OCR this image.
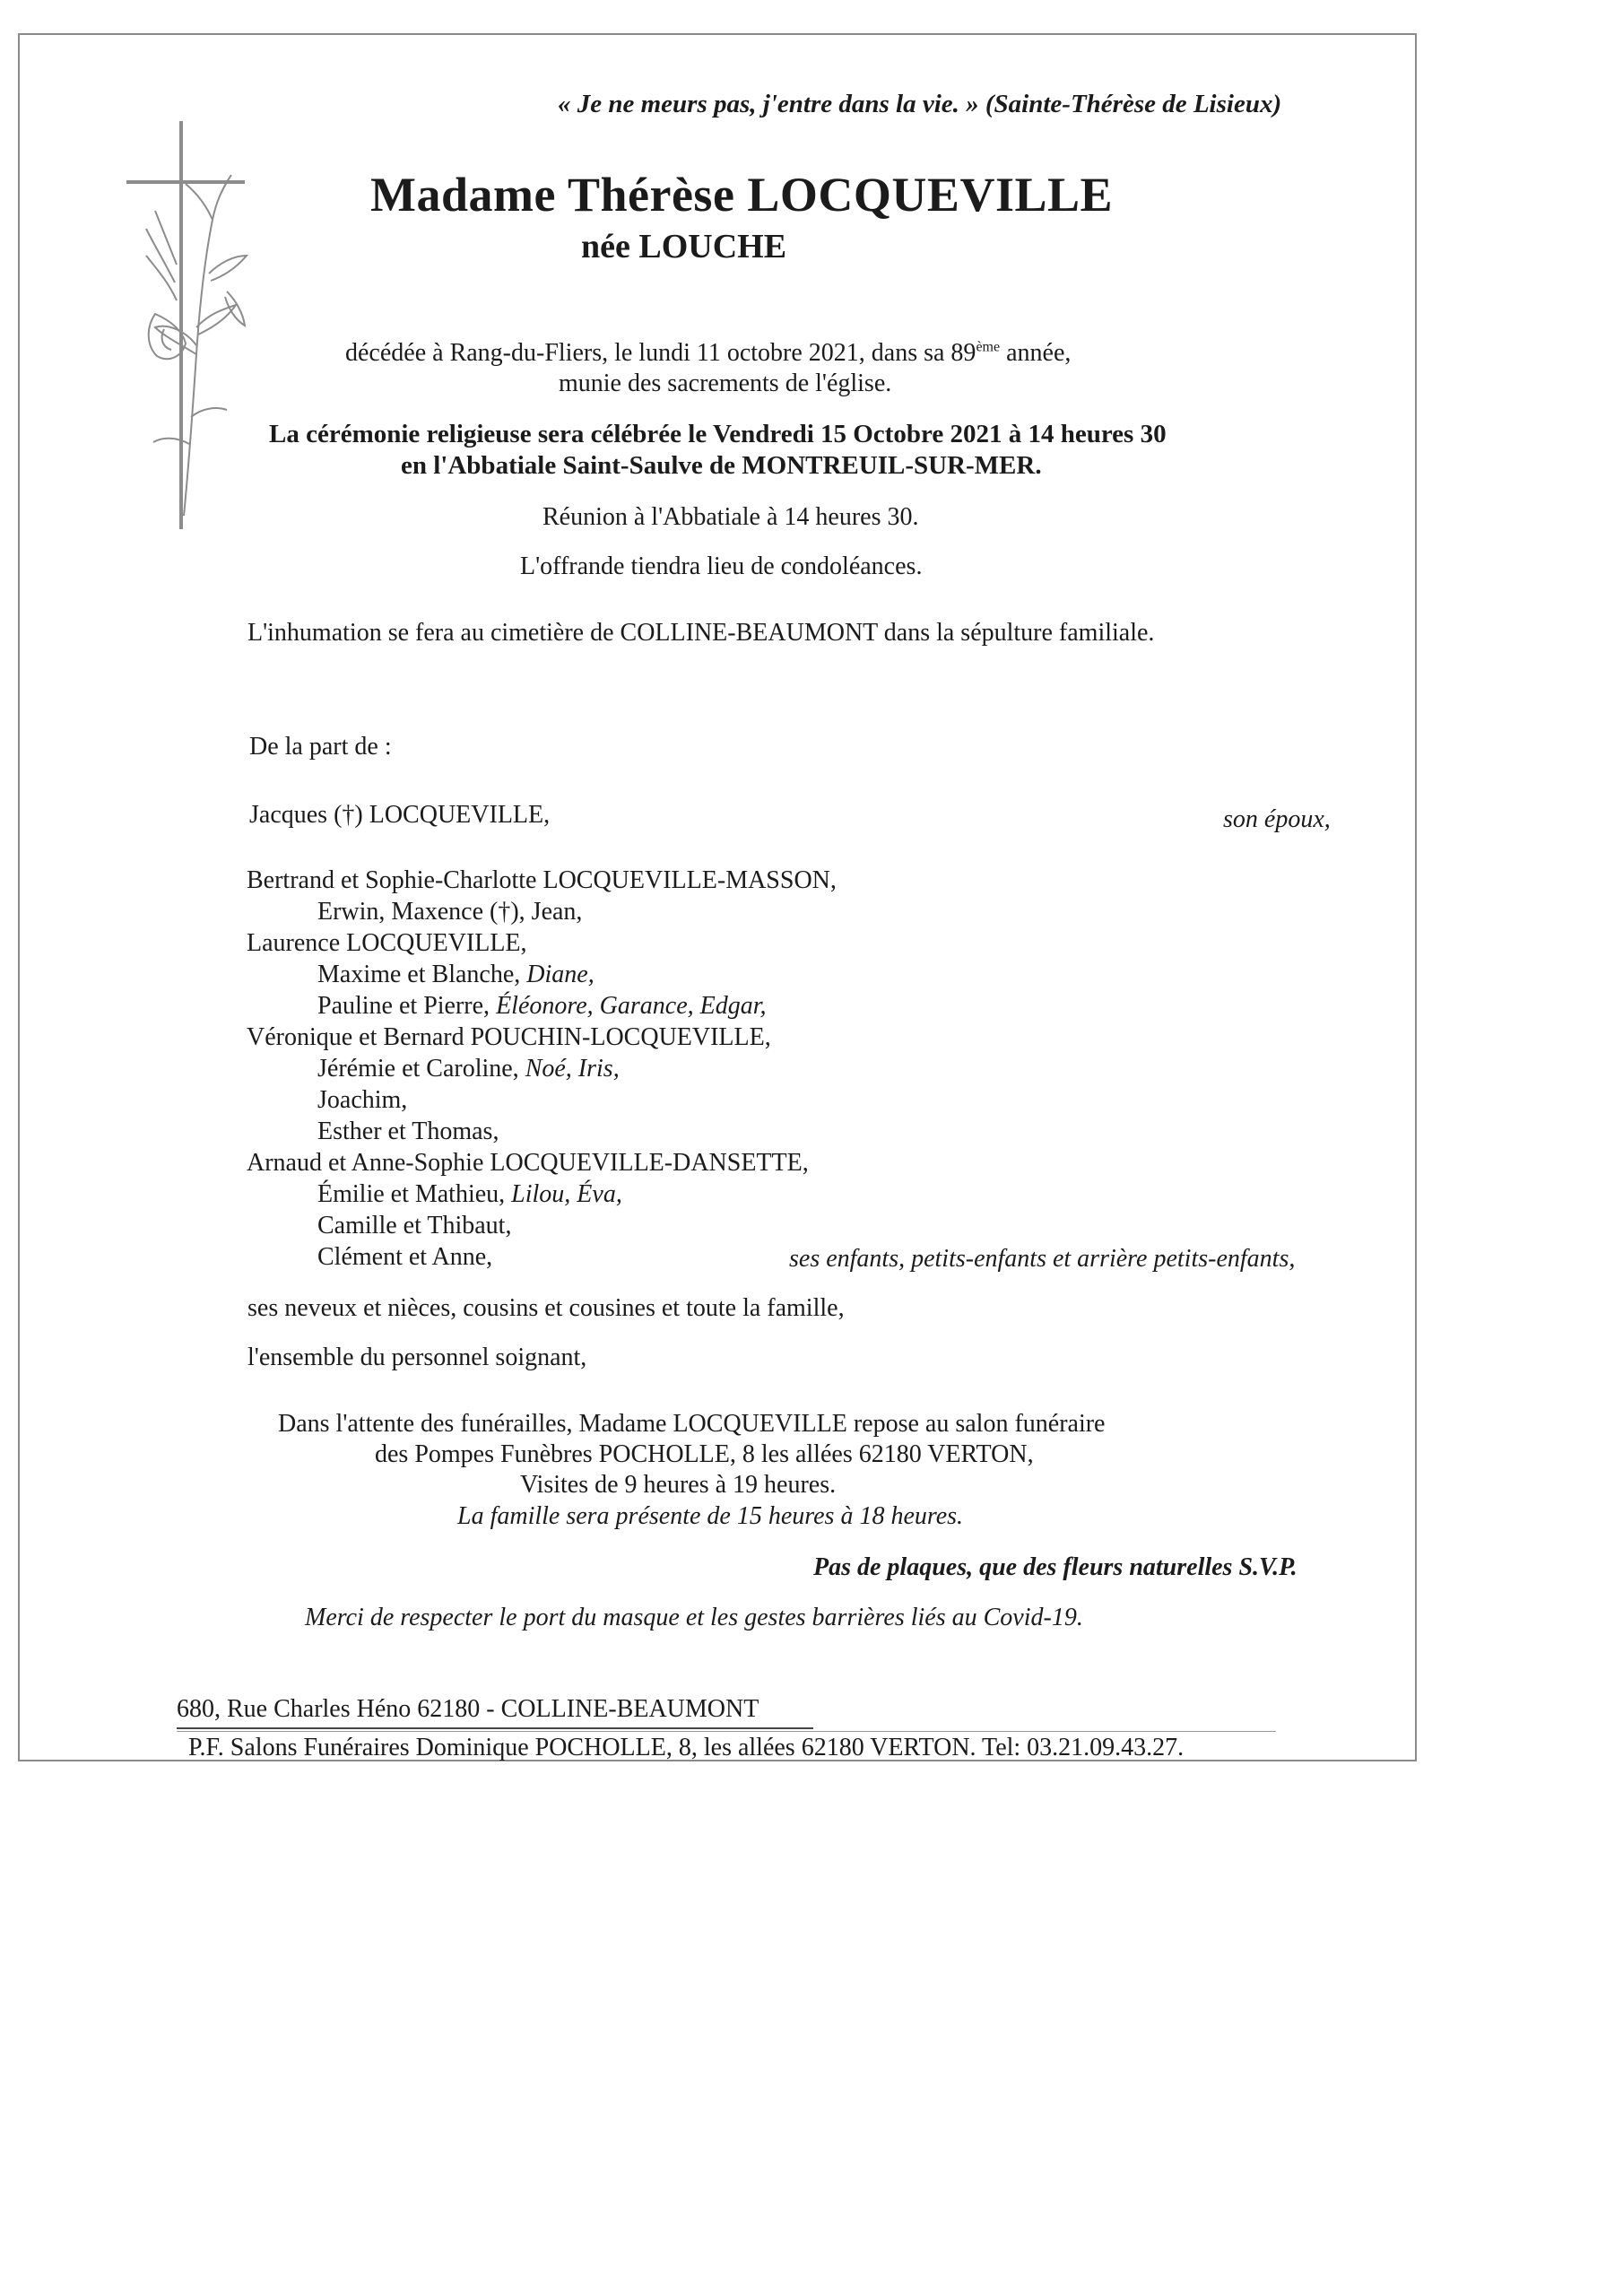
« Je ne meurs pas, j'entre dans la vie. » (Sainte-Thérèse de Lisieux)
Madame Thérèse LOCQUEVILLE
née LOUCHE
décédée à Rang-du-Fliers, le lundi 11 octobre 2021, dans sa 89ème année,
munie des sacrements de l'église.
La cérémonie religieuse sera célébrée le Vendredi 15 Octobre 2021 à 14 heures 30
en l'Abbatiale Saint-Saulve de MONTREUIL-SUR-MER.
Réunion à l'Abbatiale à 14 heures 30.
L'offrande tiendra lieu de condoléances.
L'inhumation se fera au cimetière de COLLINE-BEAUMONT dans la sépulture familiale.
De la part de :
Jacques (†) LOCQUEVILLE,	son époux,
Bertrand et Sophie-Charlotte LOCQUEVILLE-MASSON,
Erwin, Maxence (†), Jean,
Laurence LOCQUEVILLE,
Maxime et Blanche, Diane,
Pauline et Pierre, Éléonore, Garance, Edgar,
Véronique et Bernard POUCHIN-LOCQUEVILLE,
Jérémie et Caroline, Noé, Iris,
Joachim,
Esther et Thomas,
Arnaud et Anne-Sophie LOCQUEVILLE-DANSETTE,
Émilie et Mathieu, Lilou, Éva,
Camille et Thibaut,
Clément et Anne,	ses enfants, petits-enfants et arrière petits-enfants,
ses neveux et nièces, cousins et cousines et toute la famille,
l'ensemble du personnel soignant,
Dans l'attente des funérailles, Madame LOCQUEVILLE repose au salon funéraire
des Pompes Funèbres POCHOLLE, 8 les allées 62180 VERTON,
Visites de 9 heures à 19 heures.
La famille sera présente de 15 heures à 18 heures.
Pas de plaques, que des fleurs naturelles S.V.P.
Merci de respecter le port du masque et les gestes barrières liés au Covid-19.
680, Rue Charles Héno 62180 - COLLINE-BEAUMONT
P.F. Salons Funéraires Dominique POCHOLLE, 8, les allées 62180 VERTON. Tel: 03.21.09.43.27.
